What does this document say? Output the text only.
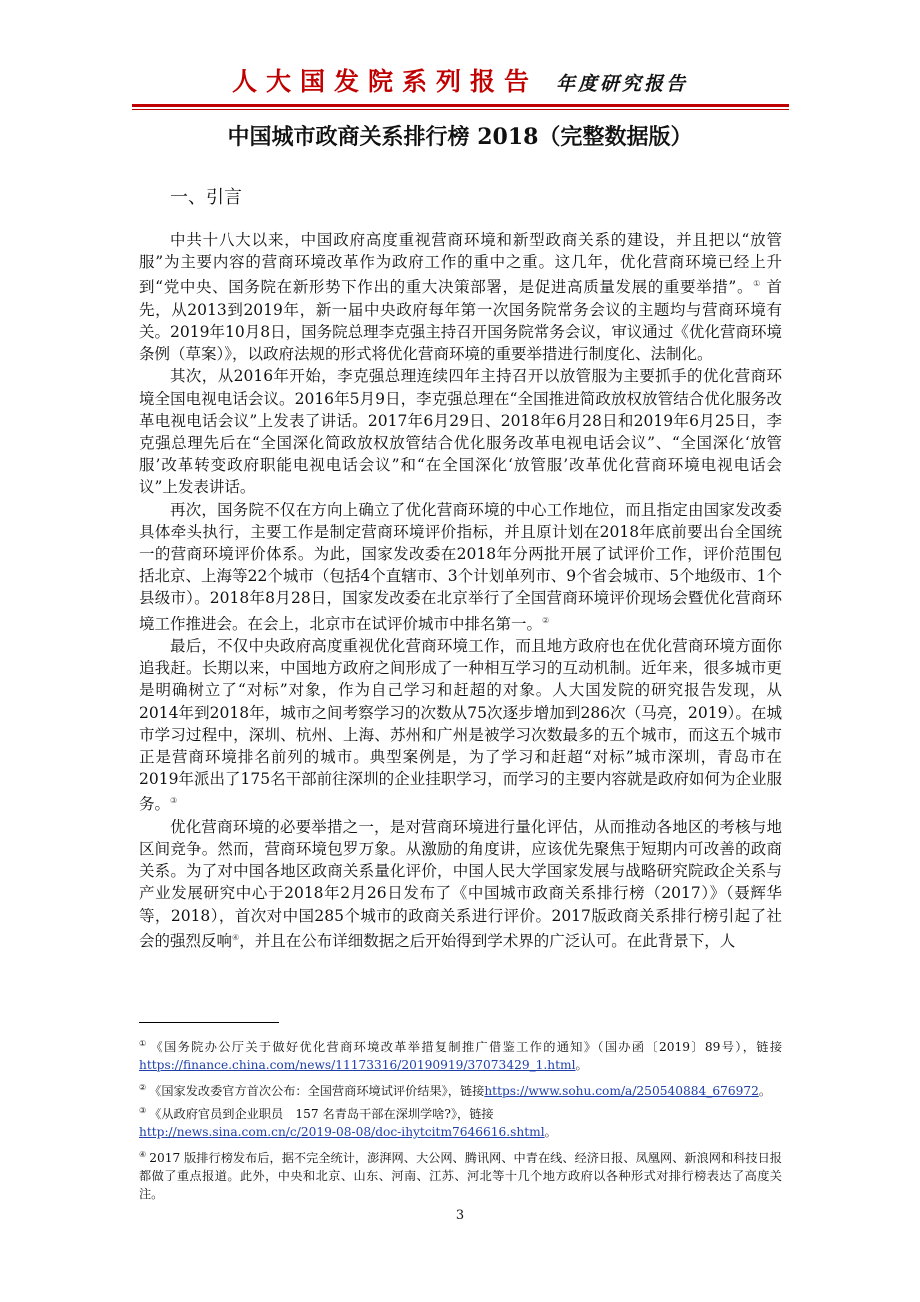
人大国发院系列报告 年度研究报告
中国城市政商关系排行榜 2018（完整数据版）
一、引言

中共十八大以来，中国政府高度重视营商环境和新型政商关系的建设，并且把以“放管服”为主要内容的营商环境改革作为政府工作的重中之重。这几年，优化营商环境已经上升到“党中央、国务院在新形势下作出的重大决策部署，是促进高质量发展的重要举措”。① 首先，从2013到2019年，新一届中央政府每年第一次国务院常务会议的主题均与营商环境有关。2019年10月8日，国务院总理李克强主持召开国务院常务会议，审议通过《优化营商环境条例（草案）》，以政府法规的形式将优化营商环境的重要举措进行制度化、法制化。

其次，从2016年开始，李克强总理连续四年主持召开以放管服为主要抓手的优化营商环境全国电视电话会议。2016年5月9日，李克强总理在“全国推进简政放权放管结合优化服务改革电视电话会议”上发表了讲话。2017年6月29日、2018年6月28日和2019年6月25日，李克强总理先后在“全国深化简政放权放管结合优化服务改革电视电话会议”、“全国深化‘放管服’改革转变政府职能电视电话会议”和“在全国深化‘放管服’改革优化营商环境电视电话会议”上发表讲话。

再次，国务院不仅在方向上确立了优化营商环境的中心工作地位，而且指定由国家发改委具体牵头执行，主要工作是制定营商环境评价指标，并且原计划在2018年底前要出台全国统一的营商环境评价体系。为此，国家发改委在2018年分两批开展了试评价工作，评价范围包括北京、上海等22个城市（包括4个直辖市、3个计划单列市、9个省会城市、5个地级市、1个县级市）。2018年8月28日，国家发改委在北京举行了全国营商环境评价现场会暨优化营商环境工作推进会。在会上，北京市在试评价城市中排名第一。②

最后，不仅中央政府高度重视优化营商环境工作，而且地方政府也在优化营商环境方面你追我赶。长期以来，中国地方政府之间形成了一种相互学习的互动机制。近年来，很多城市更是明确树立了“对标”对象，作为自己学习和赶超的对象。人大国发院的研究报告发现，从2014年到2018年，城市之间考察学习的次数从75次逐步增加到286次（马亮，2019）。在城市学习过程中，深圳、杭州、上海、苏州和广州是被学习次数最多的五个城市，而这五个城市正是营商环境排名前列的城市。典型案例是，为了学习和赶超“对标”城市深圳，青岛市在2019年派出了175名干部前往深圳的企业挂职学习，而学习的主要内容就是政府如何为企业服务。③

优化营商环境的必要举措之一，是对营商环境进行量化评估，从而推动各地区的考核与地区间竞争。然而，营商环境包罗万象。从激励的角度讲，应该优先聚焦于短期内可改善的政商关系。为了对中国各地区政商关系量化评价，中国人民大学国家发展与战略研究院政企关系与产业发展研究中心于2018年2月26日发布了《中国城市政商关系排行榜（2017）》（聂辉华等，2018），首次对中国285个城市的政商关系进行评价。2017版政商关系排行榜引起了社会的强烈反响④，并且在公布详细数据之后开始得到学术界的广泛认可。在此背景下，人

① 《国务院办公厅关于做好优化营商环境改革举措复制推广借鉴工作的通知》（国办函〔2019〕89号），链接https://finance.china.com/news/11173316/20190919/37073429_1.html。
② 《国家发改委官方首次公布：全国营商环境试评价结果》，链接https://www.sohu.com/a/250540884_676972。
③ 《从政府官员到企业职员　157 名青岛干部在深圳学啥?》，链接
http://news.sina.com.cn/c/2019-08-08/doc-ihytcitm7646616.shtml。
④ 2017 版排行榜发布后，据不完全统计，澎湃网、大公网、腾讯网、中青在线、经济日报、凤凰网、新浪网和科技日报都做了重点报道。此外，中央和北京、山东、河南、江苏、河北等十几个地方政府以各种形式对排行榜表达了高度关注。
3
